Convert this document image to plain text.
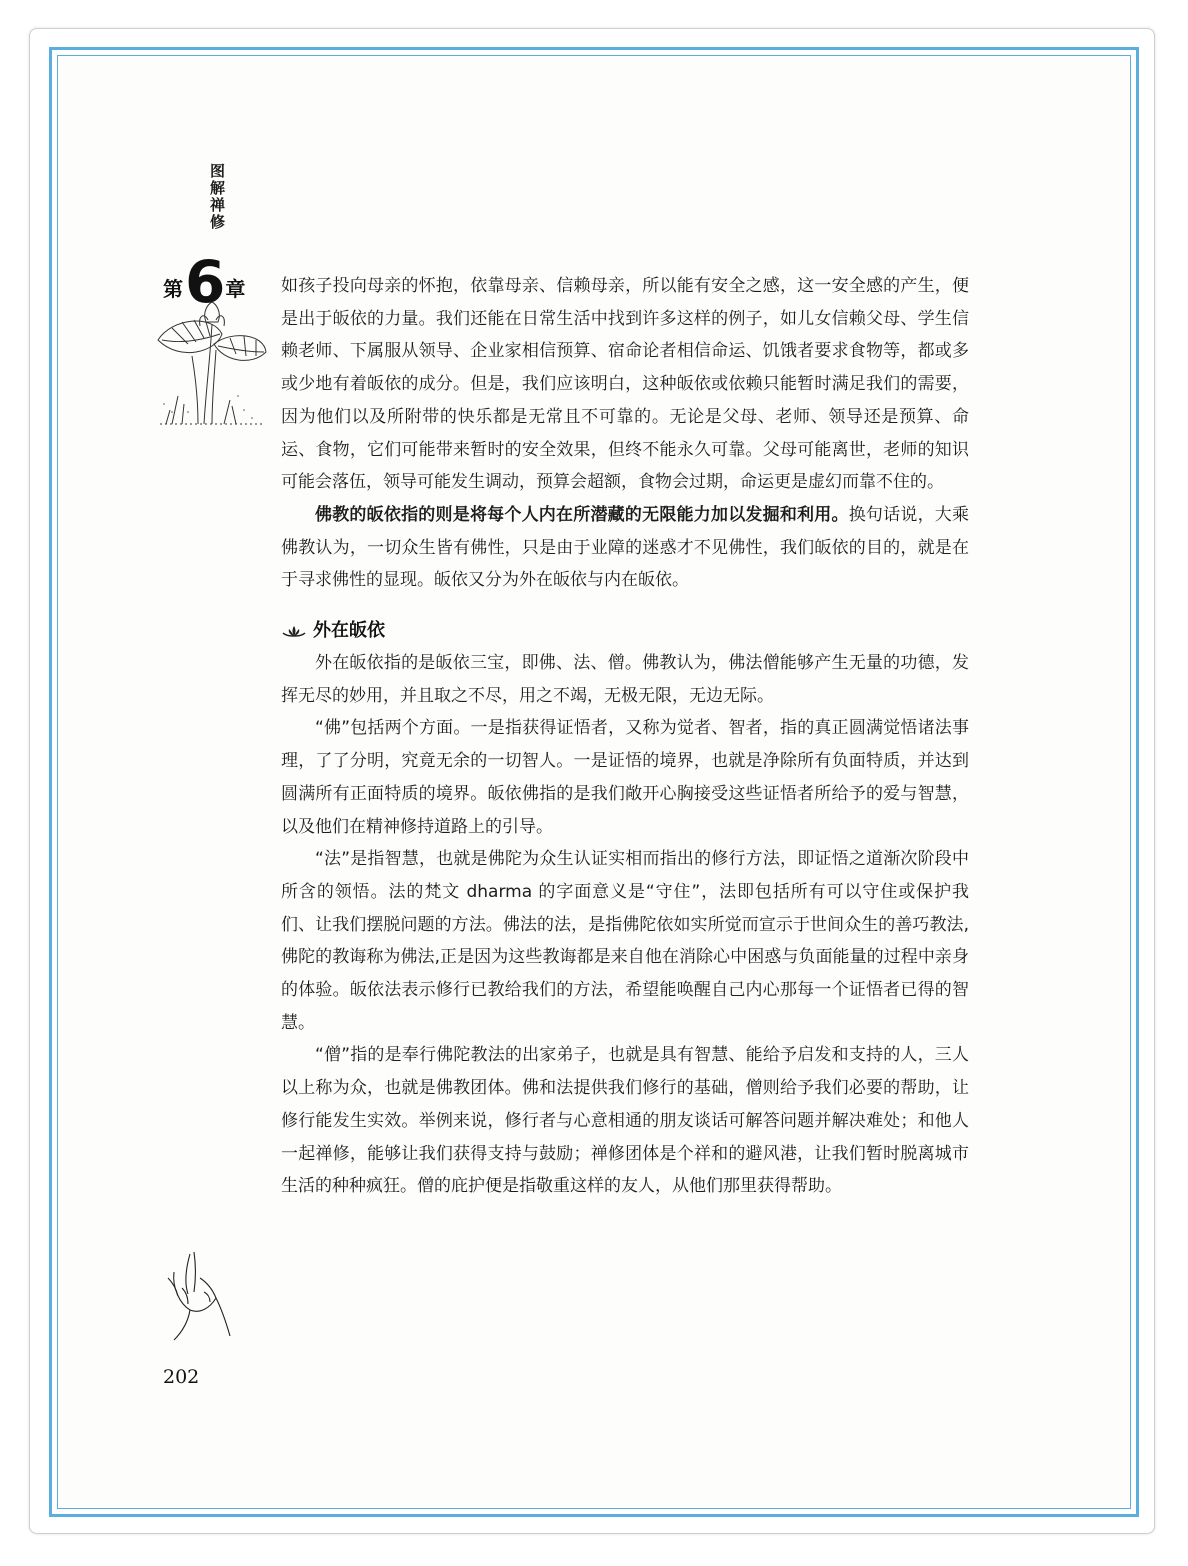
图解禅修
第 6 章 如孩子投向母亲的怀抱，依靠母亲、信赖母亲，所以能有安全之感，这一安全感的产生，便是出于皈依的力量。我们还能在日常生活中找到许多这样的例子，如儿女信赖父母、学生信赖老师、下属服从领导、企业家相信预算、宿命论者相信命运、饥饿者要求食物等，都或多或少地有着皈依的成分。但是，我们应该明白，这种皈依或依赖只能暂时满足我们的需要，因为他们以及所附带的快乐都是无常且不可靠的。无论是父母、老师、领导还是预算、命运、食物，它们可能带来暂时的安全效果，但终不能永久可靠。父母可能离世，老师的知识可能会落伍，领导可能发生调动，预算会超额，食物会过期，命运更是虚幻而靠不住的。

佛教的皈依指的则是将每个人内在所潜藏的无限能力加以发掘和利用。换句话说，大乘佛教认为，一切众生皆有佛性，只是由于业障的迷惑才不见佛性，我们皈依的目的，就是在于寻求佛性的显现。皈依又分为外在皈依与内在皈依。

外在皈依

外在皈依指的是皈依三宝，即佛、法、僧。佛教认为，佛法僧能够产生无量的功德，发挥无尽的妙用，并且取之不尽，用之不竭，无极无限，无边无际。

“佛”包括两个方面。一是指获得证悟者，又称为觉者、智者，指的真正圆满觉悟诸法事理，了了分明，究竟无余的一切智人。一是证悟的境界，也就是净除所有负面特质，并达到圆满所有正面特质的境界。皈依佛指的是我们敞开心胸接受这些证悟者所给予的爱与智慧，以及他们在精神修持道路上的引导。

“法”是指智慧，也就是佛陀为众生认证实相而指出的修行方法，即证悟之道渐次阶段中所含的领悟。法的梵文 dharma 的字面意义是“守住”，法即包括所有可以守住或保护我们、让我们摆脱问题的方法。佛法的法，是指佛陀依如实所觉而宣示于世间众生的善巧教法,佛陀的教诲称为佛法,正是因为这些教诲都是来自他在消除心中困惑与负面能量的过程中亲身的体验。皈依法表示修行已教给我们的方法，希望能唤醒自己内心那每一个证悟者已得的智慧。

“僧”指的是奉行佛陀教法的出家弟子，也就是具有智慧、能给予启发和支持的人，三人以上称为众，也就是佛教团体。佛和法提供我们修行的基础，僧则给予我们必要的帮助，让修行能发生实效。举例来说，修行者与心意相通的朋友谈话可解答问题并解决难处；和他人一起禅修，能够让我们获得支持与鼓励；禅修团体是个祥和的避风港，让我们暂时脱离城市生活的种种疯狂。僧的庇护便是指敬重这样的友人，从他们那里获得帮助。

202
